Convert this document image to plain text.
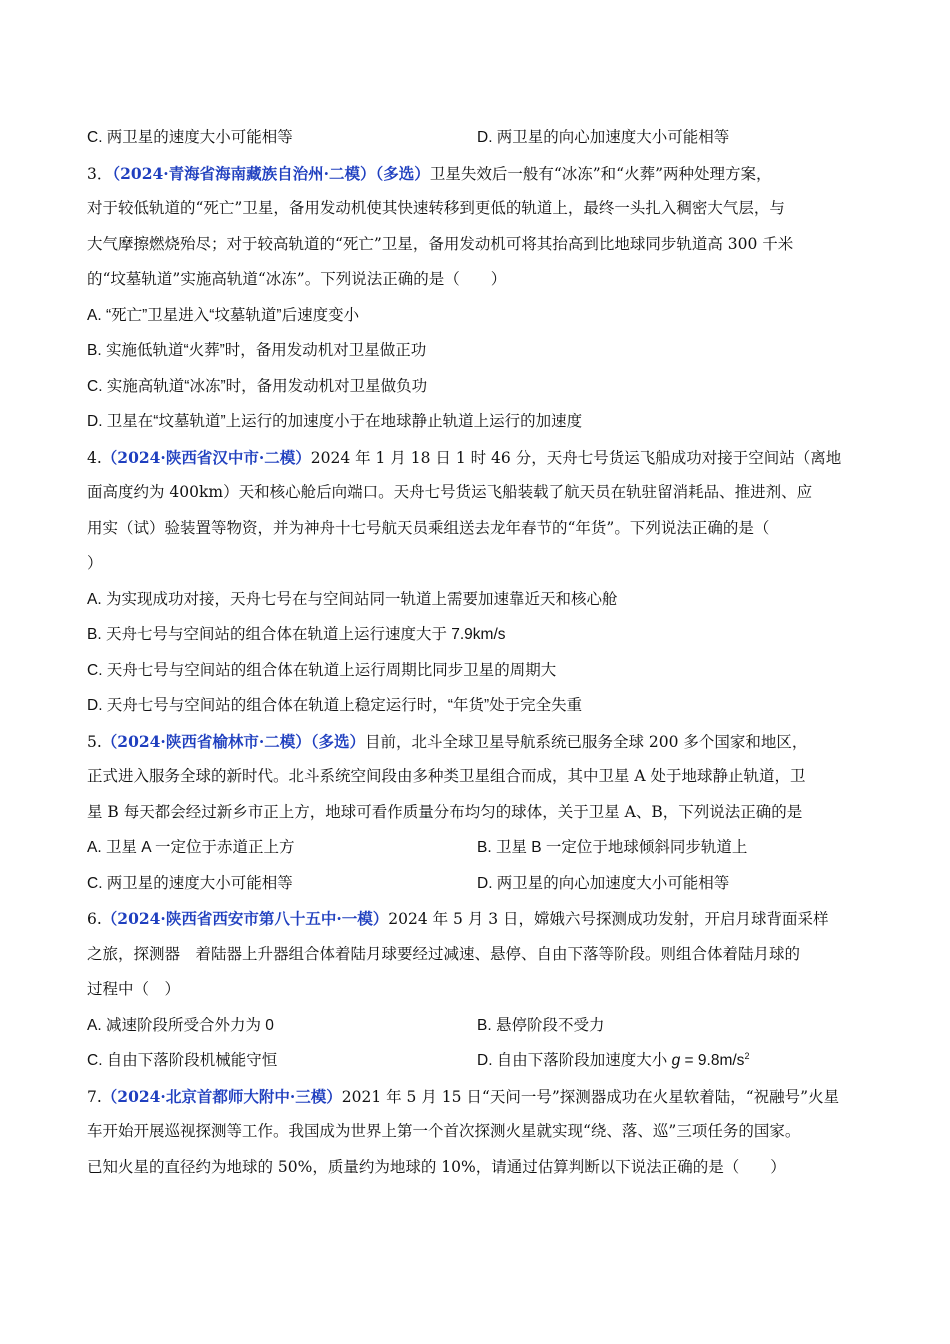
C. 两卫星的速度大小可能相等	D. 两卫星的向心加速度大小可能相等
3．（2024·青海省海南藏族自治州·二模）（多选）卫星失效后一般有“冰冻”和“火葬”两种处理方案，
对于较低轨道的“死亡”卫星，备用发动机使其快速转移到更低的轨道上，最终一头扎入稠密大气层，与
大气摩擦燃烧殆尽；对于较高轨道的“死亡”卫星，备用发动机可将其抬高到比地球同步轨道高 300 千米
的“坟墓轨道”实施高轨道“冰冻”。下列说法正确的是（　　）
A. “死亡”卫星进入“坟墓轨道”后速度变小
B. 实施低轨道“火葬”时，备用发动机对卫星做正功
C. 实施高轨道“冰冻”时，备用发动机对卫星做负功
D. 卫星在“坟墓轨道”上运行的加速度小于在地球静止轨道上运行的加速度
4.（2024·陕西省汉中市·二模）2024 年 1 月 18 日 1 时 46 分，天舟七号货运飞船成功对接于空间站（离地
面高度约为 400km）天和核心舱后向端口。天舟七号货运飞船装载了航天员在轨驻留消耗品、推进剂、应
用实（试）验装置等物资，并为神舟十七号航天员乘组送去龙年春节的“年货”。下列说法正确的是（
）
A. 为实现成功对接，天舟七号在与空间站同一轨道上需要加速靠近天和核心舱
B. 天舟七号与空间站的组合体在轨道上运行速度大于 7.9km/s
C. 天舟七号与空间站的组合体在轨道上运行周期比同步卫星的周期大
D. 天舟七号与空间站的组合体在轨道上稳定运行时，“年货”处于完全失重
5.（2024·陕西省榆林市·二模）（多选）目前，北斗全球卫星导航系统已服务全球 200 多个国家和地区，
正式进入服务全球的新时代。北斗系统空间段由多种类卫星组合而成，其中卫星 A 处于地球静止轨道，卫
星 B 每天都会经过新乡市正上方，地球可看作质量分布均匀的球体，关于卫星 A、B，下列说法正确的是
A. 卫星 A 一定位于赤道正上方	B. 卫星 B 一定位于地球倾斜同步轨道上
C. 两卫星的速度大小可能相等	D. 两卫星的向心加速度大小可能相等
6.（2024·陕西省西安市第八十五中·一模）2024 年 5 月 3 日，嫦娥六号探测成功发射，开启月球背面采样
之旅，探测器　着陆器上升器组合体着陆月球要经过减速、悬停、自由下落等阶段。则组合体着陆月球的
过程中（　）
A. 减速阶段所受合外力为 0	B. 悬停阶段不受力
C. 自由下落阶段机械能守恒	D. 自由下落阶段加速度大小 $g = 9.8m/s^2$
7.（2024·北京首都师大附中·三模）2021 年 5 月 15 日“天问一号”探测器成功在火星软着陆，“祝融号”火星
车开始开展巡视探测等工作。我国成为世界上第一个首次探测火星就实现“绕、落、巡”三项任务的国家。
已知火星的直径约为地球的 50%，质量约为地球的 10%，请通过估算判断以下说法正确的是（　　）
